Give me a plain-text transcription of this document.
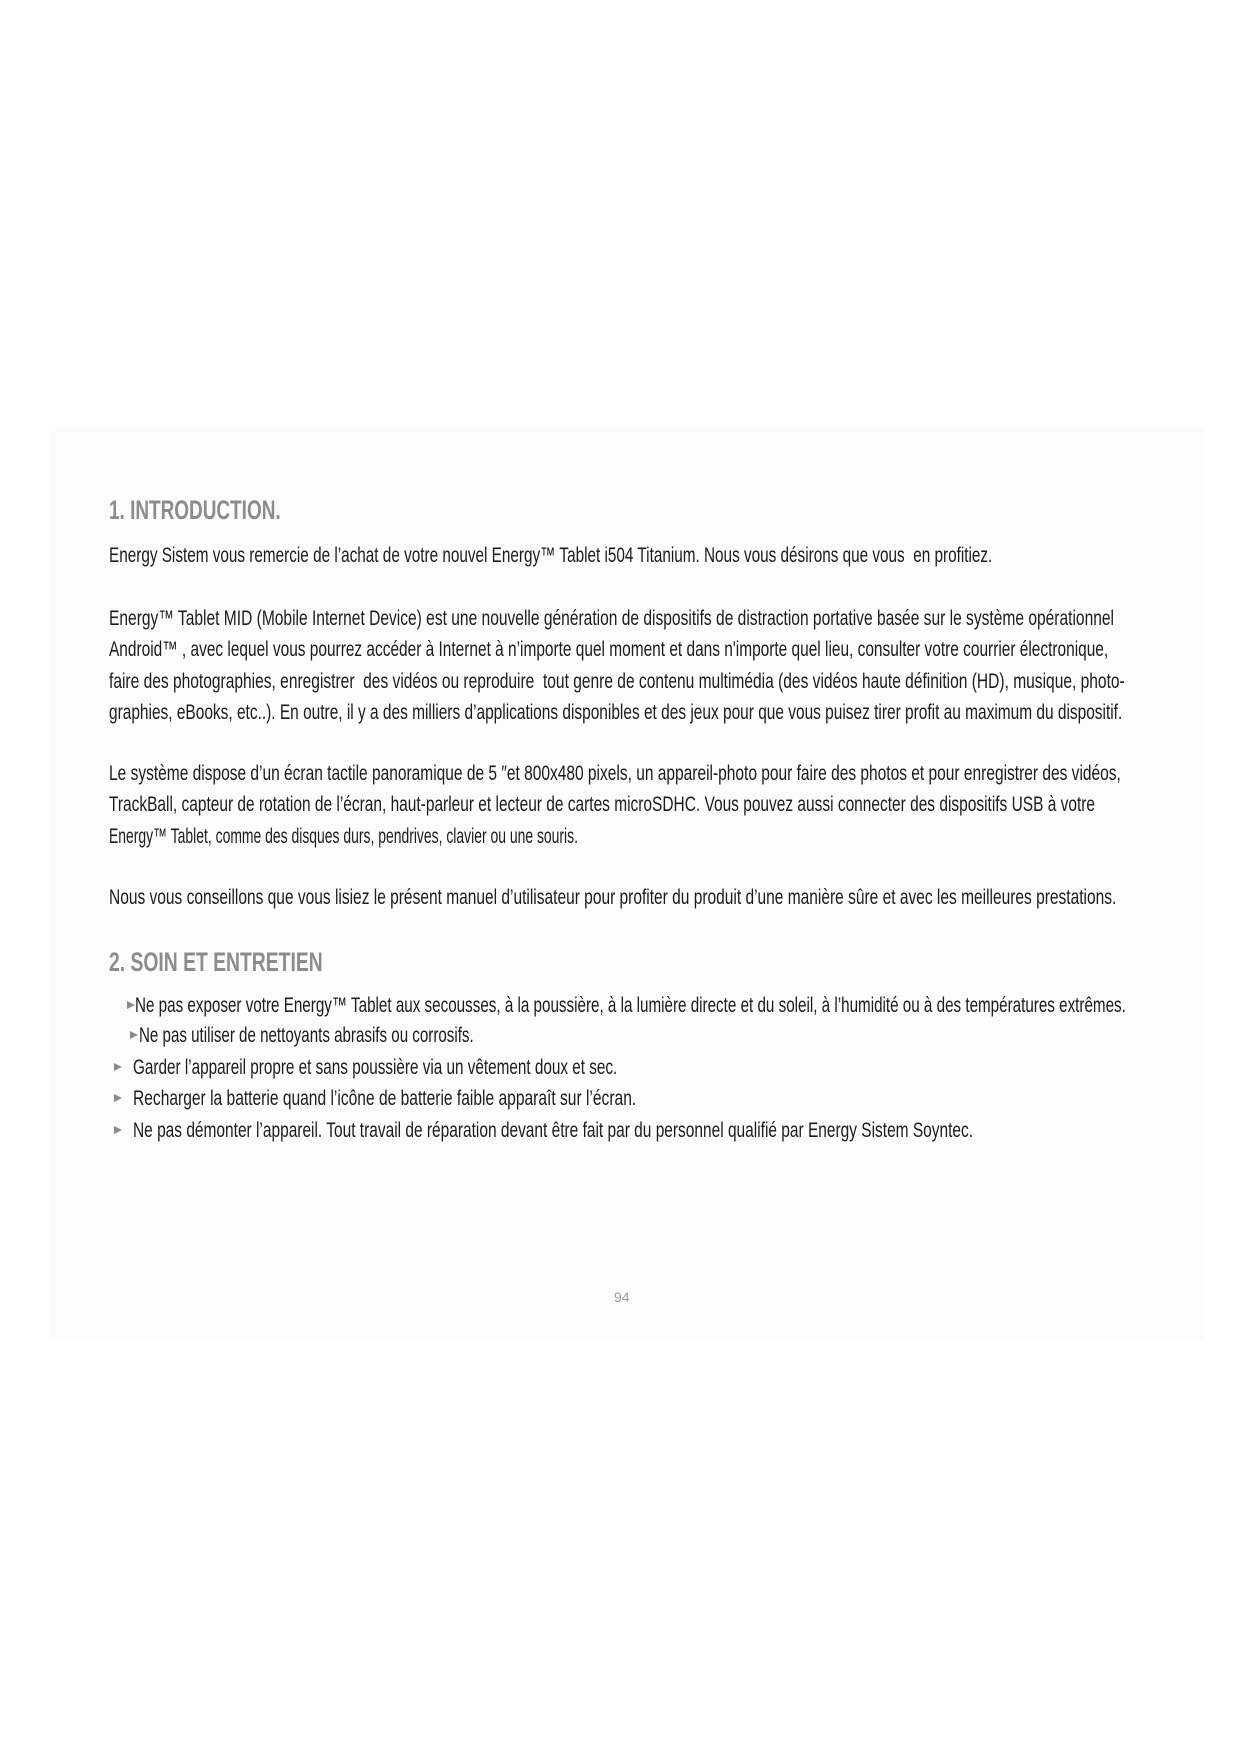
1. INTRODUCTION.
Energy Sistem vous remercie de l’achat de votre nouvel Energy™ Tablet i504 Titanium. Nous vous désirons que vous  en profitiez.
Energy™ Tablet MID (Mobile Internet Device) est une nouvelle génération de dispositifs de distraction portative basée sur le système opérationnel
Android™ , avec lequel vous pourrez accéder à Internet à n’importe quel moment et dans n'importe quel lieu, consulter votre courrier électronique,
faire des photographies, enregistrer  des vidéos ou reproduire  tout genre de contenu multimédia (des vidéos haute définition (HD), musique, photo-
graphies, eBooks, etc..). En outre, il y a des milliers d’applications disponibles et des jeux pour que vous puisez tirer profit au maximum du dispositif.
Le système dispose d’un écran tactile panoramique de 5 ″et 800x480 pixels, un appareil-photo pour faire des photos et pour enregistrer des vidéos,
TrackBall, capteur de rotation de l’écran, haut-parleur et lecteur de cartes microSDHC. Vous pouvez aussi connecter des dispositifs USB à votre
Energy™ Tablet, comme des disques durs, pendrives, clavier ou une souris.
Nous vous conseillons que vous lisiez le présent manuel d’utilisateur pour profiter du produit d’une manière sûre et avec les meilleures prestations.
2. SOIN ET ENTRETIEN
Ne pas exposer votre Energy™ Tablet aux secousses, à la poussière, à la lumière directe et du soleil, à l’humidité ou à des températures extrêmes.
Ne pas utiliser de nettoyants abrasifs ou corrosifs.
Garder l’appareil propre et sans poussière via un vêtement doux et sec.
Recharger la batterie quand l’icône de batterie faible apparaît sur l’écran.
Ne pas démonter l’appareil. Tout travail de réparation devant être fait par du personnel qualifié par Energy Sistem Soyntec.
94
